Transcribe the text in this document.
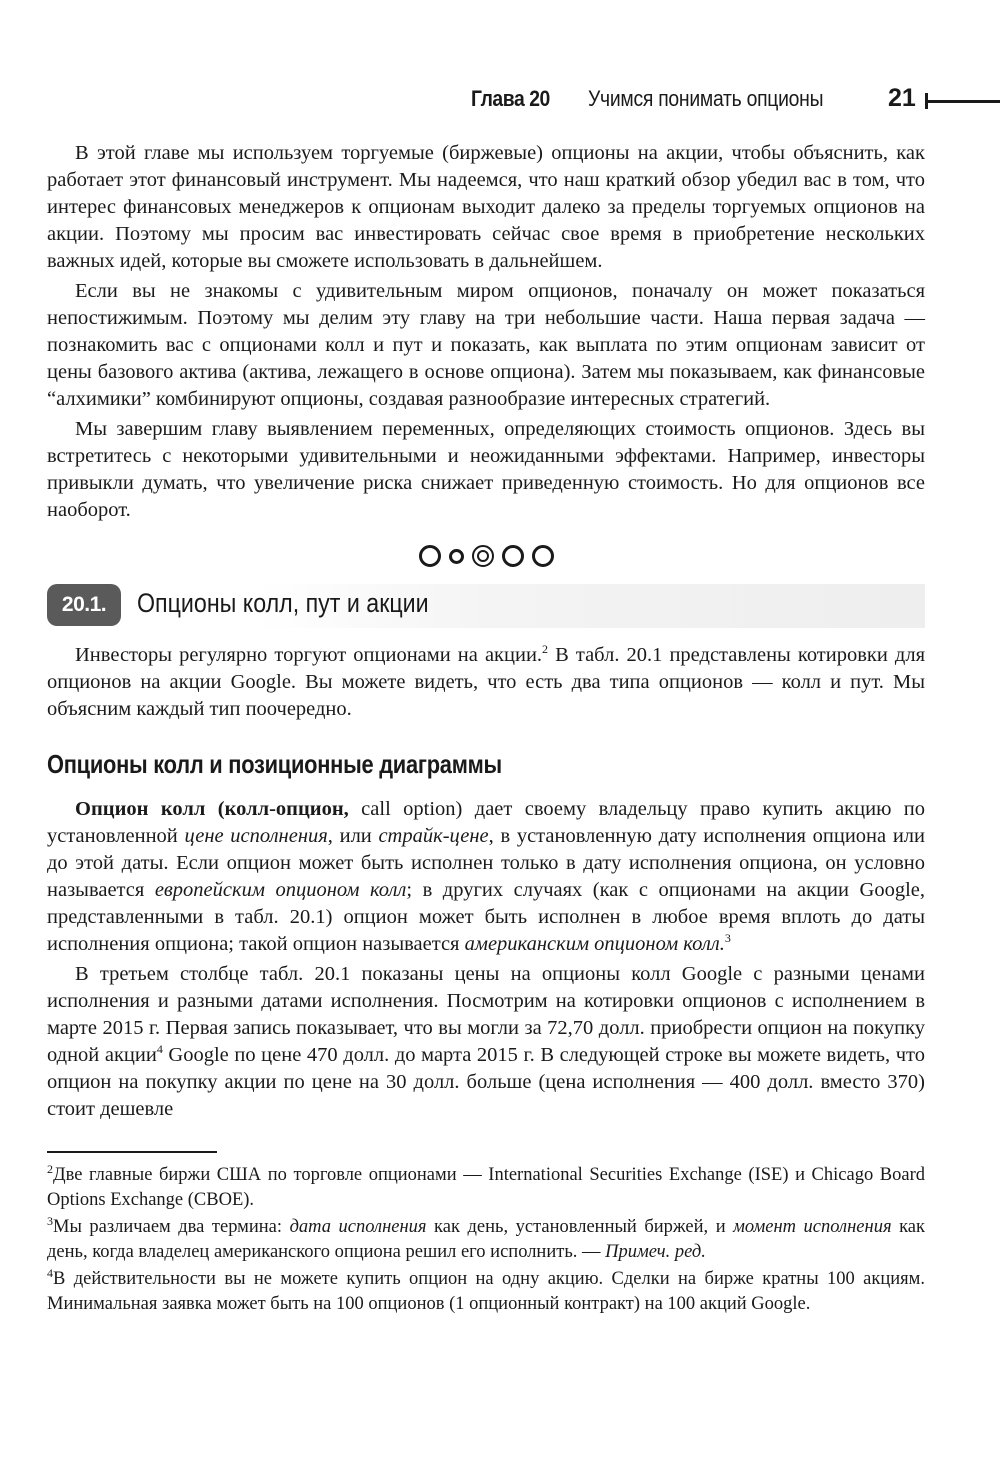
Глава 20 Учимся понимать опционы	21

В этой главе мы используем торгуемые (биржевые) опционы на акции, чтобы объяснить, как работает этот финансовый инструмент. Мы надеемся, что наш краткий обзор убедил вас в том, что интерес финансовых менеджеров к опционам выходит далеко за пределы торгуемых опционов на акции. Поэтому мы просим вас инвестировать сейчас свое время в приобретение нескольких важных идей, которые вы сможете использовать в дальнейшем.

Если вы не знакомы с удивительным миром опционов, поначалу он может показаться непостижимым. Поэтому мы делим эту главу на три небольшие части. Наша первая задача — познакомить вас с опционами колл и пут и показать, как выплата по этим опционам зависит от цены базового актива (актива, лежащего в основе опциона). Затем мы показываем, как финансовые “алхимики” комбинируют опционы, создавая разнообразие интересных стратегий.

Мы завершим главу выявлением переменных, определяющих стоимость опционов. Здесь вы встретитесь с некоторыми удивительными и неожиданными эффектами. Например, инвесторы привыкли думать, что увеличение риска снижает приведенную стоимость. Но для опционов все наоборот.

20.1.	Опционы колл, пут и акции

Инвесторы регулярно торгуют опционами на акции.$^2$ В табл. 20.1 представлены котировки для опционов на акции Google. Вы можете видеть, что есть два типа опционов — колл и пут. Мы объясним каждый тип поочередно.

Опционы колл и позиционные диаграммы

Опцион колл (колл-опцион, call option) дает своему владельцу право купить акцию по установленной цене исполнения, или страйк-цене, в установленную дату исполнения опциона или до этой даты. Если опцион может быть исполнен только в дату исполнения опциона, он условно называется европейским опционом колл; в других случаях (как с опционами на акции Google, представленными в табл. 20.1) опцион может быть исполнен в любое время вплоть до даты исполнения опциона; такой опцион называется американским опционом колл.$^3$

В третьем столбце табл. 20.1 показаны цены на опционы колл Google с разными ценами исполнения и разными датами исполнения. Посмотрим на котировки опционов с исполнением в марте 2015 г. Первая запись показывает, что вы могли за 72,70 долл. приобрести опцион на покупку одной акции$^4$ Google по цене 470 долл. до марта 2015 г. В следующей строке вы можете видеть, что опцион на покупку акции по цене на 30 долл. больше (цена исполнения — 400 долл. вместо 370) стоит дешевле

$^2$Две главные биржи США по торговле опционами — International Securities Exchange (ISE) и Chicago Board Options Exchange (CBOE).
$^3$Мы различаем два термина: дата исполнения как день, установленный биржей, и момент исполнения как день, когда владелец американского опциона решил его исполнить. — Примеч. ред.
$^4$В действительности вы не можете купить опцион на одну акцию. Сделки на бирже кратны 100 акциям. Минимальная заявка может быть на 100 опционов (1 опционный контракт) на 100 акций Google.
